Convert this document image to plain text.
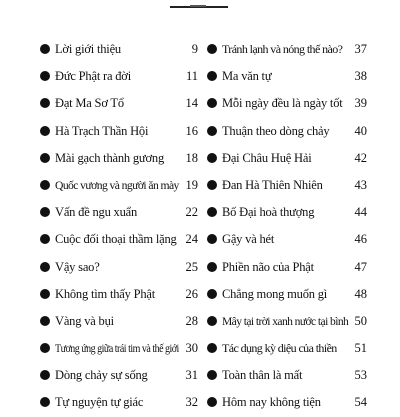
Lời giới thiệu	9
Đức Phật ra đời	11
Đạt Ma Sơ Tổ	14
Hà Trạch Thần Hội	16
Mài gạch thành gương 18
Quốc vương và người ăn mày 19
Vấn đề ngu xuẩn	22
Cuộc đối thoại thầm lặng 24
Vậy sao?	25
Không tìm thấy Phật 26
Vàng và bụi	28
Tương ứng giữa trái tim và thế giới 30
Dòng chảy sự sống	31
Tự nguyện tự giác	32
Tránh lạnh và nóng thế nào? 37
Ma văn tự	38
Mỗi ngày đều là ngày tốt 39
Thuận theo dòng chảy 40
Đại Châu Huệ Hải	42
Đan Hà Thiên Nhiên	43
Bố Đại hoà thượng	44
Gậy và hét	46
Phiền não của Phật	47
Chẳng mong muốn gì 48
Mây tại trời xanh nước tại bình 50
Tác dụng kỳ diệu của thiền 51
Toàn thân là mất	53
Hôm nay không tiện	54
